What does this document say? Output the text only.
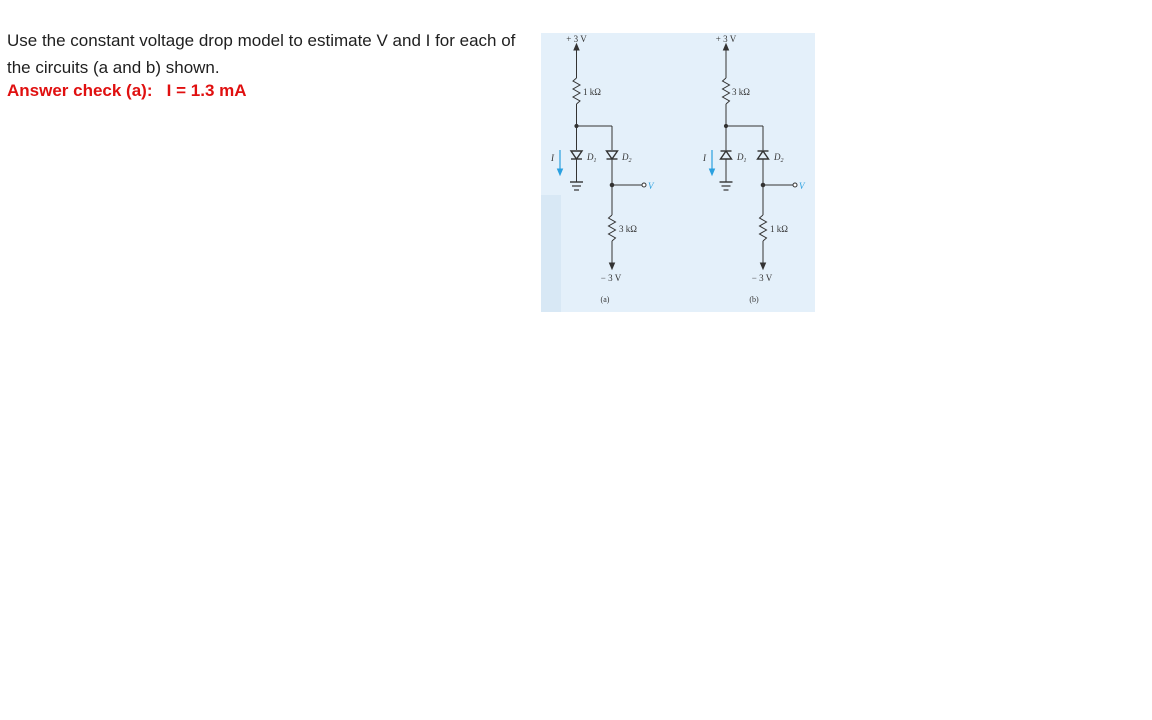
Use the constant voltage drop model to estimate V and I for each of the circuits (a and b) shown.
Answer check (a): I = 1.3 mA
+ 3 V
1 kΩ
I	$D_1$	$D_2$
V
3 kΩ
− 3 V
(a)
+ 3 V
3 kΩ
I	$D_1$	$D_2$
V
1 kΩ
− 3 V
(b)
